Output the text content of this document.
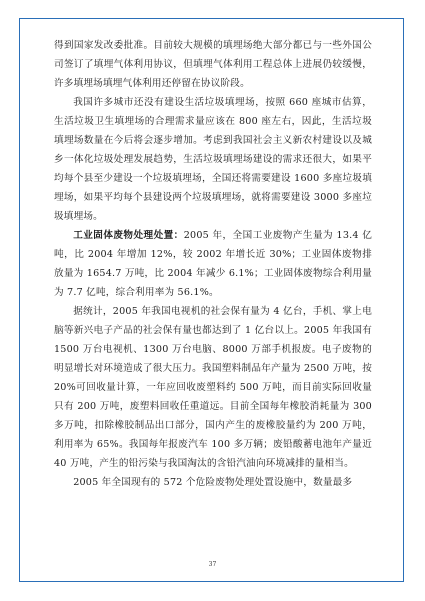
得到国家发改委批准。目前较大规模的填埋场绝大部分都已与一些外国公司签订了填埋气体利用协议，但填埋气体利用工程总体上进展仍较缓慢，许多填埋场填埋气体利用还停留在协议阶段。

我国许多城市还没有建设生活垃圾填埋场，按照 660 座城市估算，生活垃圾卫生填埋场的合理需求量应该在 800 座左右，因此，生活垃圾填埋场数量在今后将会逐步增加。考虑到我国社会主义新农村建设以及城乡一体化垃圾处理发展趋势，生活垃圾填埋场建设的需求还很大，如果平均每个县至少建设一个垃圾填埋场，全国还将需要建设 1600 多座垃圾填埋场，如果平均每个县建设两个垃圾填埋场，就将需要建设 3000 多座垃圾填埋场。

工业固体废物处理处置：2005 年，全国工业废物产生量为 13.4 亿吨，比 2004 年增加 12%，较 2002 年增长近 30%；工业固体废物排放量为 1654.7 万吨，比 2004 年减少 6.1%；工业固体废物综合利用量为 7.7 亿吨，综合利用率为 56.1%。

据统计，2005 年我国电视机的社会保有量为 4 亿台，手机、掌上电脑等新兴电子产品的社会保有量也都达到了 1 亿台以上。2005 年我国有 1500 万台电视机、1300 万台电脑、8000 万部手机报废。电子废物的明显增长对环境造成了很大压力。我国塑料制品年产量为 2500 万吨，按 20%可回收量计算，一年应回收废塑料约 500 万吨，而目前实际回收量只有 200 万吨，废塑料回收任重道远。目前全国每年橡胶消耗量为 300 多万吨，扣除橡胶制品出口部分，国内产生的废橡胶量约为 200 万吨，利用率为 65%。我国每年报废汽车 100 多万辆；废铅酸蓄电池年产量近 40 万吨，产生的铅污染与我国淘汰的含铅汽油向环境减排的量相当。

2005 年全国现有的 572 个危险废物处理处置设施中，数量最多

37
